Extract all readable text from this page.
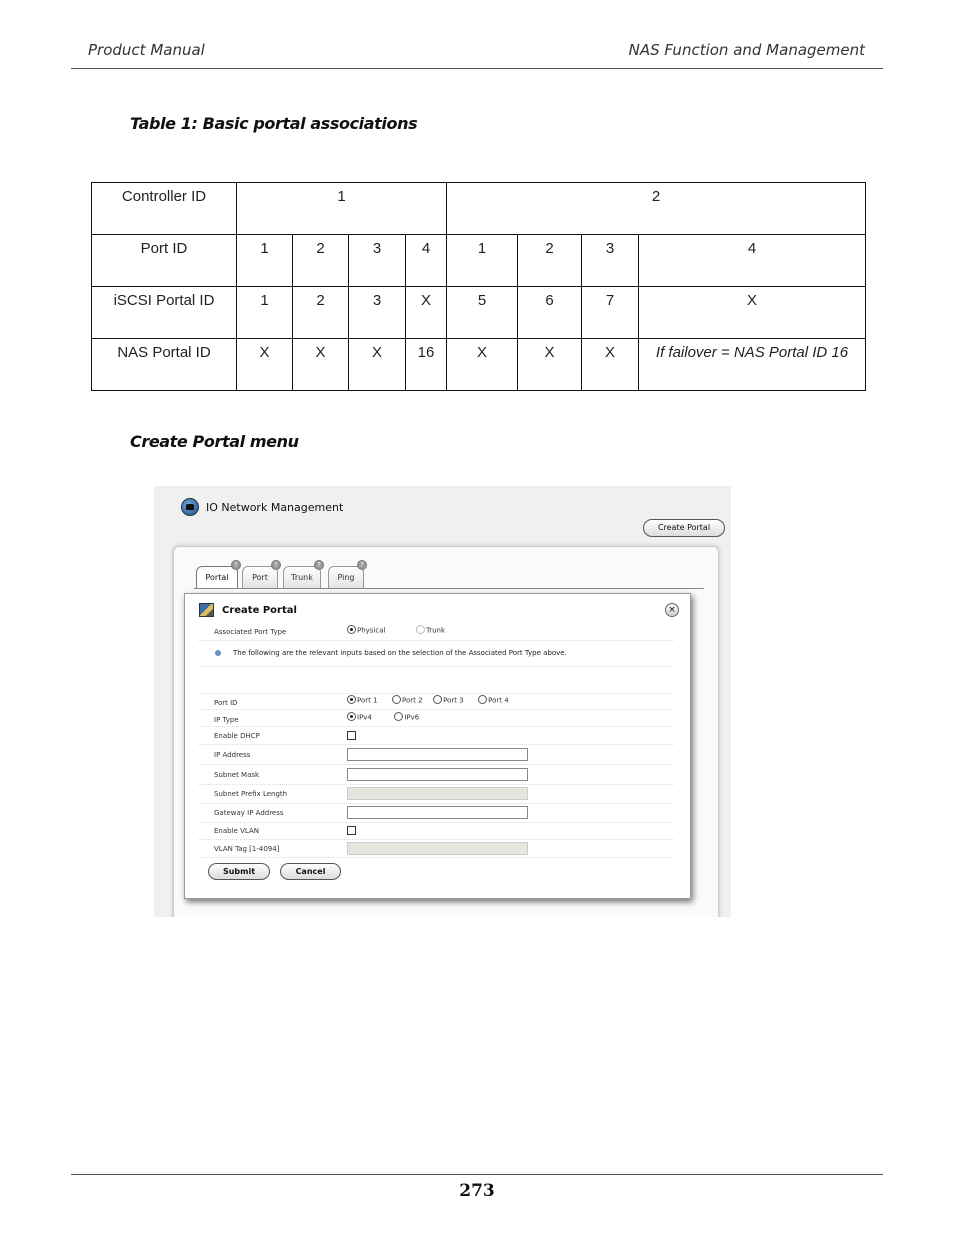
Product Manual	NAS Function and Management
Table 1: Basic portal associations
Controller ID	1				2			
Port ID	1	2	3	4	1	2	3	4
iSCSI Portal ID	1	2	3	X	5	6	7	X
NAS Portal ID	X	X	X	16	X	X	X	If failover = NAS Portal ID 16
Create Portal menu
IO Network Management
Create Portal
Portal
?
Port
?
Trunk
?
Ping
?
Create Portal	×
Associated Port Type	Physical	Trunk
The following are the relevant inputs based on the selection of the Associated Port Type above.
Port ID	Port 1	Port 2	Port 3	Port 4
IP Type	IPv4	IPv6
Enable DHCP
IP Address
Subnet Mask
Subnet Prefix Length
Gateway IP Address
Enable VLAN
VLAN Tag [1-4094]
Submit	Cancel
273
